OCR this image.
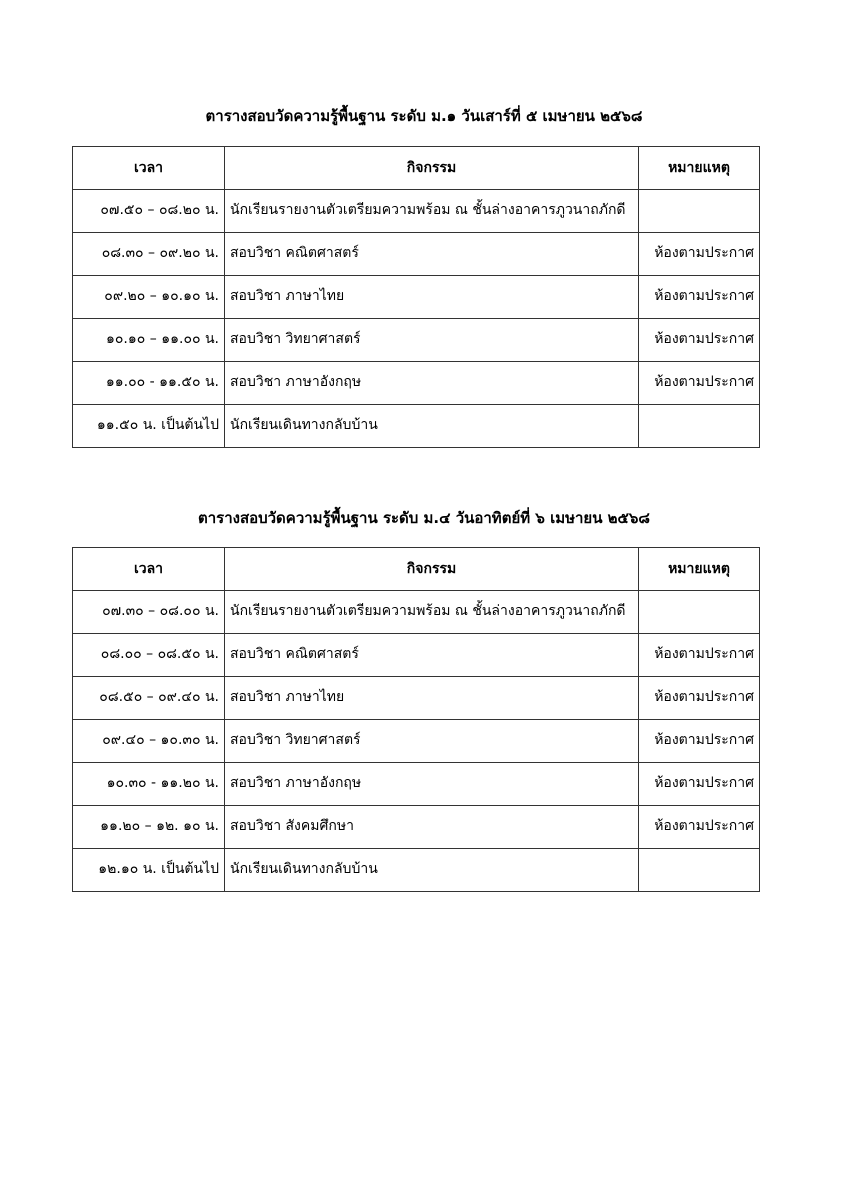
ตารางสอบวัดความรู้พื้นฐาน ระดับ ม.๑ วันเสาร์ที่ ๕ เมษายน ๒๕๖๘
เวลา	กิจกรรม	หมายแหตุ
๐๗.๕๐ – ๐๘.๒๐ น.	นักเรียนรายงานตัวเตรียมความพร้อม ณ ชั้นล่างอาคารภูวนาถภักดี	
๐๘.๓๐ – ๐๙.๒๐ น.	สอบวิชา คณิตศาสตร์	ห้องตามประกาศ
๐๙.๒๐ – ๑๐.๑๐ น.	สอบวิชา ภาษาไทย	ห้องตามประกาศ
๑๐.๑๐ – ๑๑.๐๐ น.	สอบวิชา วิทยาศาสตร์	ห้องตามประกาศ
๑๑.๐๐ - ๑๑.๕๐ น.	สอบวิชา ภาษาอังกฤษ	ห้องตามประกาศ
๑๑.๕๐ น. เป็นต้นไป	นักเรียนเดินทางกลับบ้าน	
ตารางสอบวัดความรู้พื้นฐาน ระดับ ม.๔ วันอาทิตย์ที่ ๖ เมษายน ๒๕๖๘
เวลา	กิจกรรม	หมายแหตุ
๐๗.๓๐ – ๐๘.๐๐ น.	นักเรียนรายงานตัวเตรียมความพร้อม ณ ชั้นล่างอาคารภูวนาถภักดี	
๐๘.๐๐ – ๐๘.๕๐ น.	สอบวิชา คณิตศาสตร์	ห้องตามประกาศ
๐๘.๕๐ – ๐๙.๔๐ น.	สอบวิชา ภาษาไทย	ห้องตามประกาศ
๐๙.๔๐ – ๑๐.๓๐ น.	สอบวิชา วิทยาศาสตร์	ห้องตามประกาศ
๑๐.๓๐ - ๑๑.๒๐ น.	สอบวิชา ภาษาอังกฤษ	ห้องตามประกาศ
๑๑.๒๐ – ๑๒. ๑๐ น.	สอบวิชา สังคมศึกษา	ห้องตามประกาศ
๑๒.๑๐ น. เป็นต้นไป	นักเรียนเดินทางกลับบ้าน	
